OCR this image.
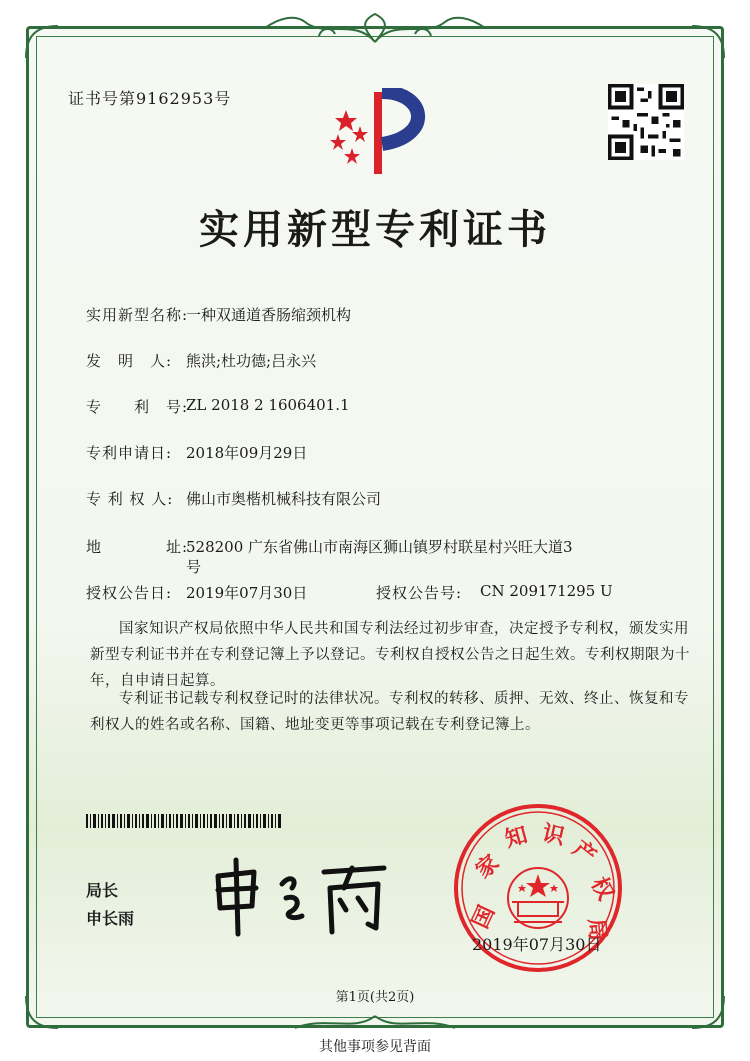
证书号第9162953号
实用新型专利证书
实用新型名称:
一种双通道香肠缩颈机构
发　明　人: 熊洪;杜功德;吕永兴
专　　利　号:
ZL 2018 2 1606401.1
专利申请日: 2018年09月29日
专 利 权 人: 佛山市奥楷机械科技有限公司
地　　　　址:
528200 广东省佛山市南海区狮山镇罗村联星村兴旺大道3
号
授权公告日: 2019年07月30日	授权公告号: CN 209171295 U
国家知识产权局依照中华人民共和国专利法经过初步审查，决定授予专利权，颁发实用新型专利证书并在专利登记簿上予以登记。专利权自授权公告之日起生效。专利权期限为十年，自申请日起算。
专利证书记载专利权登记时的法律状况。专利权的转移、质押、无效、终止、恢复和专利权人的姓名或名称、国籍、地址变更等事项记载在专利登记簿上。
局长
申长雨	国
家
知 识
产
权
局
2019年07月30日
第1页(共2页)
其他事项参见背面
